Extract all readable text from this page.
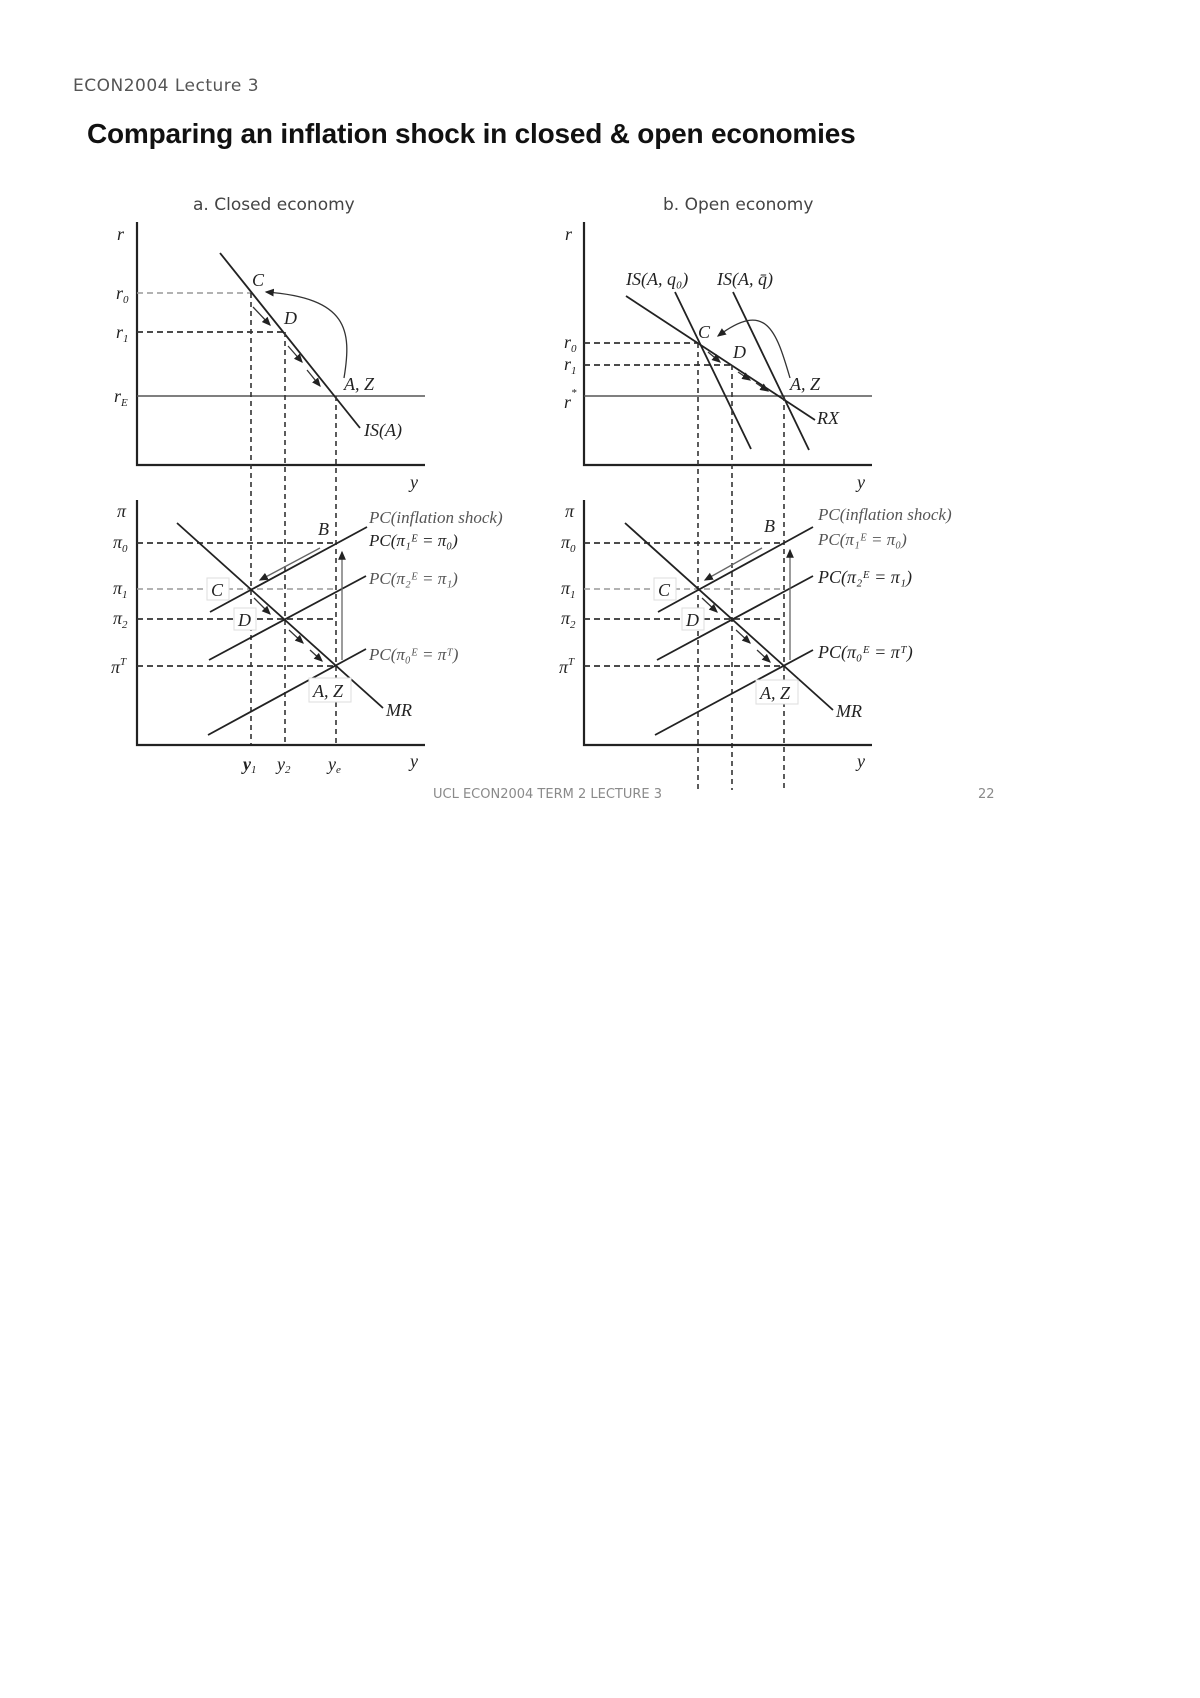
ECON2004 Lecture 3
Comparing an inflation shock in closed & open economies
a. Closed economy
r
y
$r_0$
$r_1$
$r_E$
IS(A)
C
D
A, Z
π
y
$\pi_0$
$\pi_1$
$\pi_2$
$\pi^T$
PC(inflation shock)
PC(π₁ᴱ = π₀)
PC(π₂ᴱ = π₁)
PC(π₀ᴱ = πᵀ)
MR
B
C
D
A, Z
y1 y2 ye
b. Open economy
r
y
$r_0$
$r_1$
r*
IS(A, q₀) IS(A, q̄)
RX
C
D
A, Z
π
y
$\pi_0$
$\pi_1$
$\pi_2$
$\pi^T$
PC(inflation shock)
PC(π₁ᴱ = π₀)
PC(π₂ᴱ = π₁)
PC(π₀ᴱ = πᵀ)
MR
B
C
D
A, Z
UCL ECON2004 TERM 2 LECTURE 3	22
